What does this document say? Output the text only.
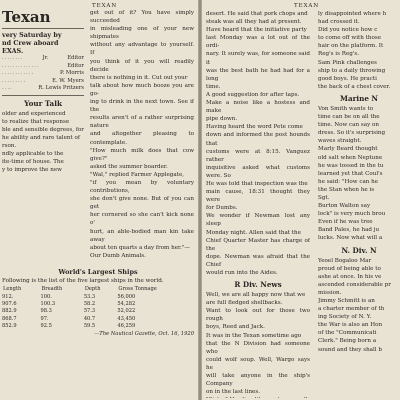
TEXAN
Texan
very Saturday by
nd Crew aboard
EXAS.
........	Jr.	Editor
..............	Editor
............	P. Morris
.........	E. W. Myers
....	R. Lewis Pritzers
Your Talk

older and experienced

to realize that response

ble and sensible degrees, for

he ability and rare talent of

rson.

ndly applicable to the

ite-time of house. The

y to improve the new

get out of it? You have simply succeeded

in misleading one of your new shipmates

without any advantage to yourself. If

you think of it you will readily decide

there is nothing in it. Cut out your

talk about how much booze you are go-

ing to drink in the next town. See if the

results aren't of a rather surprising nature

and altogether pleasing to contemplate.

"How much milk does that cow give?"

asked the summer boarder.

"Wal," replied Farmer Applegate,

"if you mean by voluntary contributions,

she don't give none. But of you can get

her cornered so she can't kick none o'

hurt, an able-bodied man kin take away

about ten quarts a day from her."—

Our Dumb Animals.

World's Largest Ships

Following is the list of the five largest ships in the world.

Length	Breadth	Depth	Gross Tonnage
912.	100.	53.3	56,000
907.6	100.3	58.2	54,282
882.9	98.3	57.3	52,022
868.7	97.	40.7	43,450
852.9	92.5	59.5	46,259
—The Nautical Gazette, Oct. 16, 1920
TEXAN

desert. He said that pork chops and

steak was all they had at present.

Have heard that the initiative party

last Monday was a lot out of the ordi-

nary. It surely was, for someone said it

was the best bath he had had for a long

time.

A good suggestion for after taps.

Make a noise like a hostess and make

pipe down.

Having heard the word Pete come

down and informed the post hounds that

customs were at 8:15. Vanguez rather

inquisitive asked what customs were. So

He was told that inspection was the

main cause, 18:31 thought they were

for Dumbs.

We wonder if Newman lost any sleep

Monday night. Allen said that the

Chief Quarter Master has charge of the

dope. Newman was afraid that the Chief

would run into the Aides.

R Div. News

Well, we are all happy now that we

are full fledged shellbacks.

Want to look out for those two rough

boys, Reed and Jack.

It was in the Texan sometime ago

that the N Division had someone who

could wolf soup. Well, Wargo says he

will take anyone in the ship's Company

on in the last lines.

ly disappointed where h

had crossed it.

Did you notice how c

to come off with those

hair on the platform. It

Reg's is Reg's.

Sam Pink challenges

ship to a daily throwing

good boys. He practi

the back of a chest cover.

Marine N

Von Smith wants to

time can be on all the

time. Now can say on

dress. So it's surprising

waves straight.

Marly Beard thought

old salt when Neptune

he was tossed in the tu

learned yet that Coul's

he said: "How can he

the Stan when he is

Sgt.

Burton Walton say

lock" is very much brou

Even if he was tree

Band Pales, he had ju

lucks. Now what will a

N. Div. N

Yeoel Bogaloo Mar

proud of being able to

ashe at once. In his ve

ascended considerable pr

mission.

Jimmy Schmitt is an

a charter member of th

ing Society of N. Y.

the War is also an Hon

of the "Communicati

Clerk." Being born a

sound and they shall b
